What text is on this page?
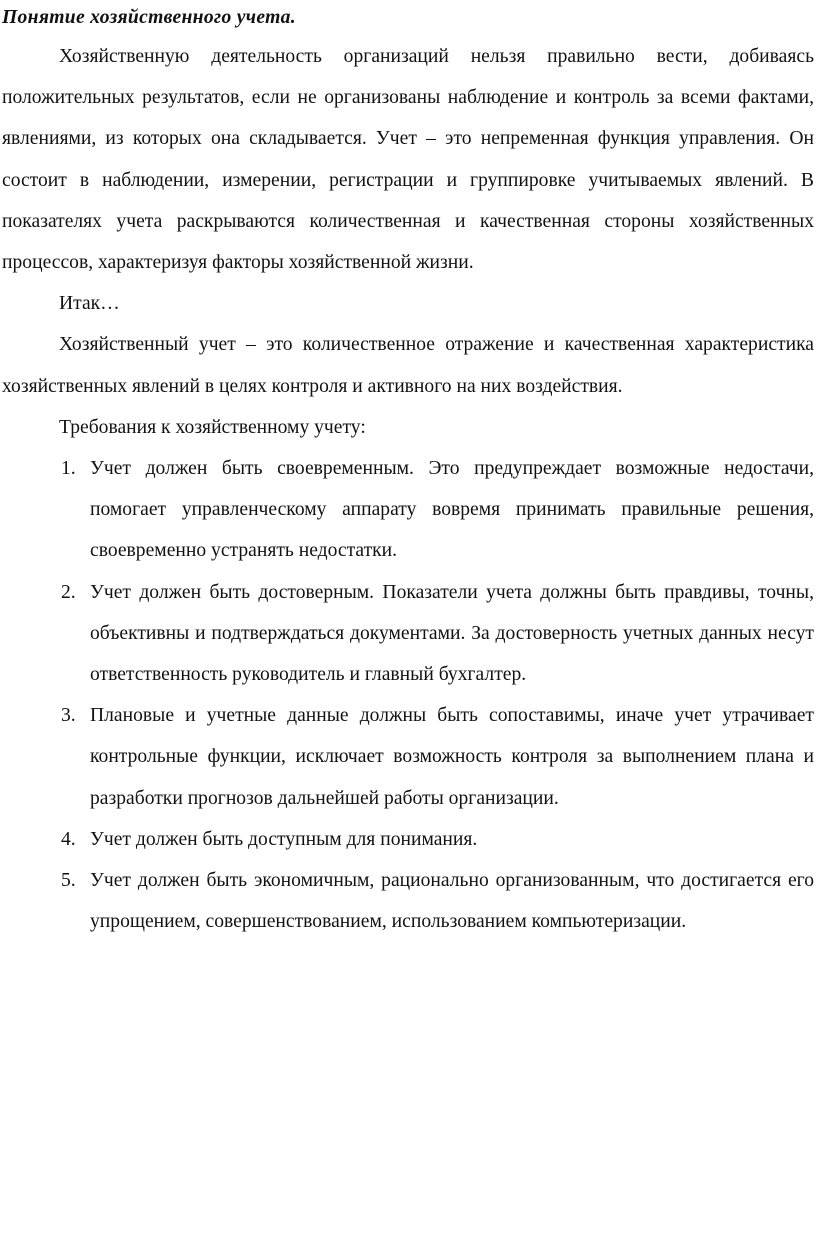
Понятие хозяйственного учета.

Хозяйственную деятельность организаций нельзя правильно вести, добиваясь положительных результатов, если не организованы наблюдение и контроль за всеми фактами, явлениями, из которых она складывается. Учет – это непременная функция управления. Он состоит в наблюдении, измерении, регистрации и группировке учитываемых явлений. В показателях учета раскрываются количественная и качественная стороны хозяйственных процессов, характеризуя факторы хозяйственной жизни.

Итак…

Хозяйственный учет – это количественное отражение и качественная характеристика хозяйственных явлений в целях контроля и активного на них воздействия.

Требования к хозяйственному учету:

1. Учет должен быть своевременным. Это предупреждает возможные недостачи, помогает управленческому аппарату вовремя принимать правильные решения, своевременно устранять недостатки.
2. Учет должен быть достоверным. Показатели учета должны быть правдивы, точны, объективны и подтверждаться документами. За достоверность учетных данных несут ответственность руководитель и главный бухгалтер.
3. Плановые и учетные данные должны быть сопоставимы, иначе учет утрачивает контрольные функции, исключает возможность контроля за выполнением плана и разработки прогнозов дальнейшей работы организации.
4. Учет должен быть доступным для понимания.
5. Учет должен быть экономичным, рационально организованным, что достигается его упрощением, совершенствованием, использованием компьютеризации.
